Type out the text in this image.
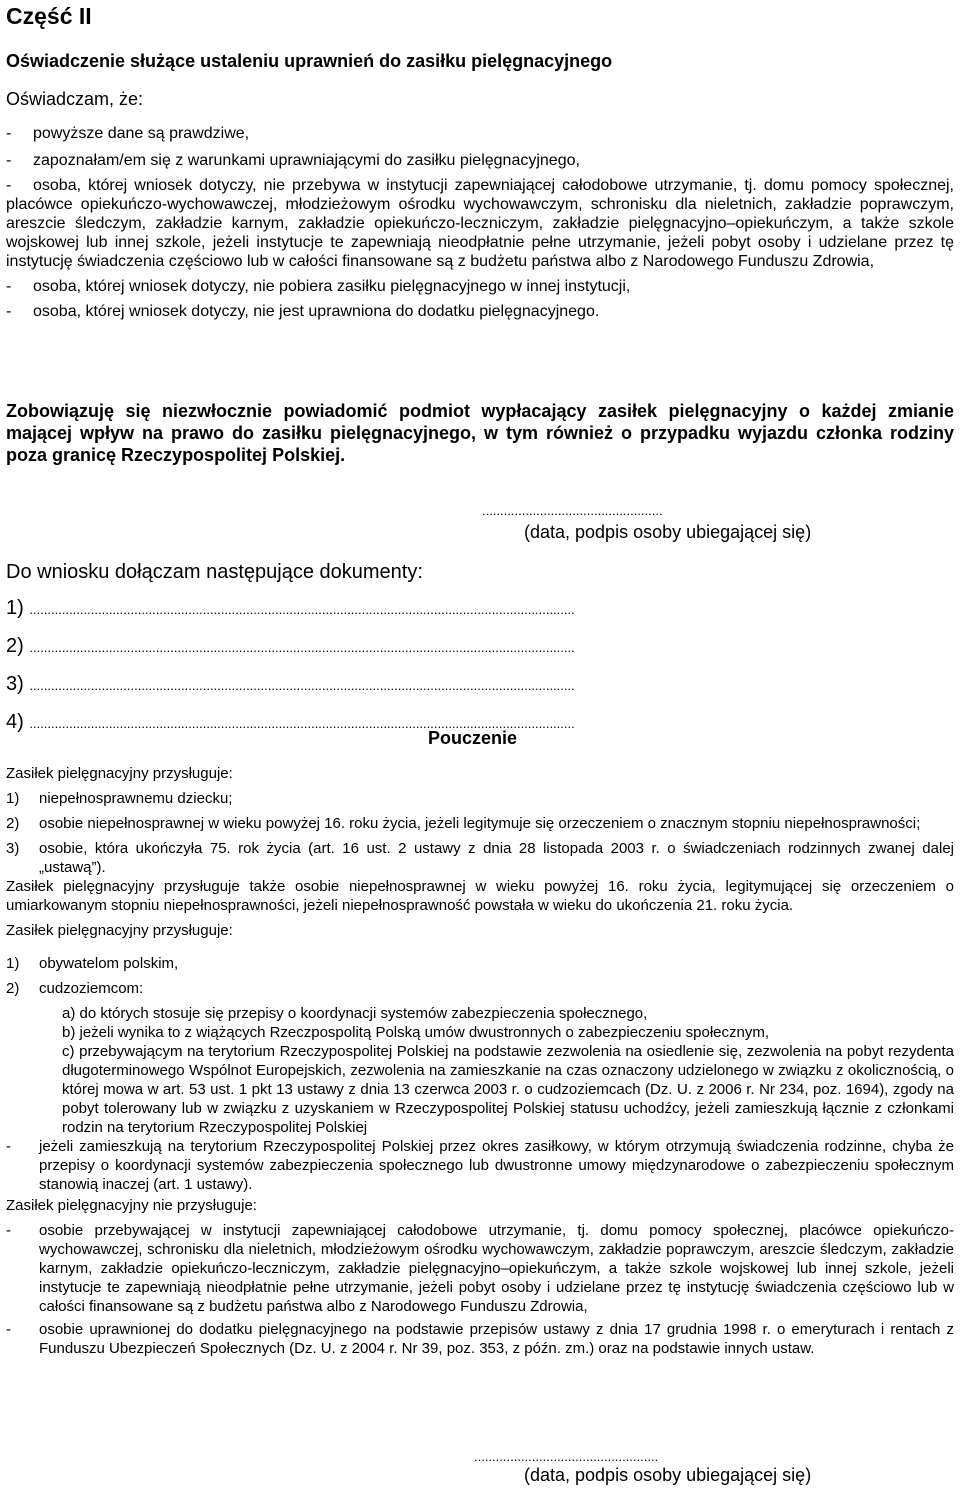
Część II
Oświadczenie służące ustaleniu uprawnień do zasiłku pielęgnacyjnego
Oświadczam, że:
- powyższe dane są prawdziwe,
- zapoznałam/em się z warunkami uprawniającymi do zasiłku pielęgnacyjnego,
- osoba, której wniosek dotyczy, nie przebywa w instytucji zapewniającej całodobowe utrzymanie, tj. domu pomocy społecznej, placówce opiekuńczo-wychowawczej, młodzieżowym ośrodku wychowawczym, schronisku dla nieletnich, zakładzie poprawczym, areszcie śledczym, zakładzie karnym, zakładzie opiekuńczo-leczniczym, zakładzie pielęgnacyjno–opiekuńczym, a także szkole wojskowej lub innej szkole, jeżeli instytucje te zapewniają nieodpłatnie pełne utrzymanie, jeżeli pobyt osoby i udzielane przez tę instytucję świadczenia częściowo lub w całości finansowane są z budżetu państwa albo z Narodowego Funduszu Zdrowia,
- osoba, której wniosek dotyczy, nie pobiera zasiłku pielęgnacyjnego w innej instytucji,
- osoba, której wniosek dotyczy, nie jest uprawniona do dodatku pielęgnacyjnego.
Zobowiązuję się niezwłocznie powiadomić podmiot wypłacający zasiłek pielęgnacyjny o każdej zmianie mającej wpływ na prawo do zasiłku pielęgnacyjnego, w tym również o przypadku wyjazdu członka rodziny poza granicę Rzeczypospolitej Polskiej.
..................................................
(data, podpis osoby ubiegającej się)
Do wniosku dołączam następujące dokumenty:
1) .......................................................................................................................................................
2) .......................................................................................................................................................
3) .......................................................................................................................................................
4) .......................................................................................................................................................
Pouczenie
Zasiłek pielęgnacyjny przysługuje:
1) niepełnosprawnemu dziecku;
2) osobie niepełnosprawnej w wieku powyżej 16. roku życia, jeżeli legitymuje się orzeczeniem o znacznym stopniu niepełnosprawności;
3) osobie, która ukończyła 75. rok życia (art. 16 ust. 2 ustawy z dnia 28 listopada 2003 r. o świadczeniach rodzinnych zwanej dalej „ustawą”).
Zasiłek pielęgnacyjny przysługuje także osobie niepełnosprawnej w wieku powyżej 16. roku życia, legitymującej się orzeczeniem o umiarkowanym stopniu niepełnosprawności, jeżeli niepełnosprawność powstała w wieku do ukończenia 21. roku życia.
Zasiłek pielęgnacyjny przysługuje:
1) obywatelom polskim,
2) cudzoziemcom:
a) do których stosuje się przepisy o koordynacji systemów zabezpieczenia społecznego,
b) jeżeli wynika to z wiążących Rzeczpospolitą Polską umów dwustronnych o zabezpieczeniu społecznym,
c) przebywającym na terytorium Rzeczypospolitej Polskiej na podstawie zezwolenia na osiedlenie się, zezwolenia na pobyt rezydenta długoterminowego Wspólnot Europejskich, zezwolenia na zamieszkanie na czas oznaczony udzielonego w związku z okolicznością, o której mowa w art. 53 ust. 1 pkt 13 ustawy z dnia 13 czerwca 2003 r. o cudzoziemcach (Dz. U. z 2006 r. Nr 234, poz. 1694), zgody na pobyt tolerowany lub w związku z uzyskaniem w Rzeczypospolitej Polskiej statusu uchodźcy, jeżeli zamieszkują łącznie z członkami rodzin na terytorium Rzeczypospolitej Polskiej
- jeżeli zamieszkują na terytorium Rzeczypospolitej Polskiej przez okres zasiłkowy, w którym otrzymują świadczenia rodzinne, chyba że przepisy o koordynacji systemów zabezpieczenia społecznego lub dwustronne umowy międzynarodowe o zabezpieczeniu społecznym stanowią inaczej (art. 1 ustawy).
Zasiłek pielęgnacyjny nie przysługuje:
- osobie przebywającej w instytucji zapewniającej całodobowe utrzymanie, tj. domu pomocy społecznej, placówce opiekuńczo-wychowawczej, schronisku dla nieletnich, młodzieżowym ośrodku wychowawczym, zakładzie poprawczym, areszcie śledczym, zakładzie karnym, zakładzie opiekuńczo-leczniczym, zakładzie pielęgnacyjno–opiekuńczym, a także szkole wojskowej lub innej szkole, jeżeli instytucje te zapewniają nieodpłatnie pełne utrzymanie, jeżeli pobyt osoby i udzielane przez tę instytucję świadczenia częściowo lub w całości finansowane są z budżetu państwa albo z Narodowego Funduszu Zdrowia,
- osobie uprawnionej do dodatku pielęgnacyjnego na podstawie przepisów ustawy z dnia 17 grudnia 1998 r. o emeryturach i rentach z Funduszu Ubezpieczeń Społecznych (Dz. U. z 2004 r. Nr 39, poz. 353, z późn. zm.) oraz na podstawie innych ustaw.
...................................................
(data, podpis osoby ubiegającej się)
